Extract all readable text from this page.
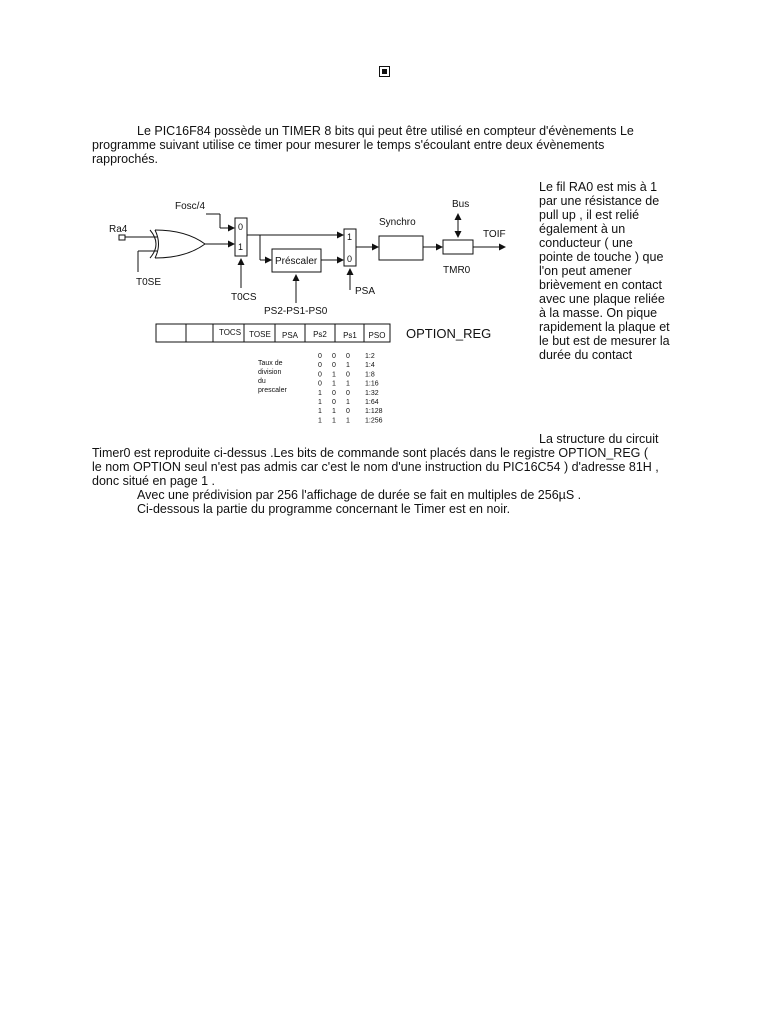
Le PIC16F84 possède un TIMER 8 bits qui peut être utilisé en compteur d'évènements Le
programme suivant utilise ce timer pour mesurer le temps s'écoulant entre deux évènements
rapprochés.
Le fil RA0 est mis à 1
par une résistance de
pull up , il est relié
également à un
conducteur ( une
pointe de touche ) que
l'on peut amener
brièvement en contact
avec une plaque reliée
à la masse. On pique
rapidement la plaque et
le but est de mesurer la
durée du contact
Fosc/4
Ra4
T0SE
T0CS
0
1
1
0
Préscaler
PSA
PS2-PS1-PS0
Synchro
Bus
TOIF
TMR0
TOCS TOSE PSA Ps2 Ps1 PSO OPTION_REG
Taux de
division
du
prescaler
0 0 0 1:2
0 0 1 1:4
0 1 0 1:8
0 1 1 1:16
1 0 0 1:32
1 0 1 1:64
1 1 0 1:128
1 1 1 1:256
La structure du circuit
Timer0 est reproduite ci-dessus .Les bits de commande sont placés dans le registre OPTION_REG (
le nom OPTION seul n'est pas admis car c'est le nom d'une instruction du PIC16C54 ) d'adresse 81H ,
donc situé en page 1 .
Avec une prédivision par 256 l'affichage de durée se fait en multiples de 256µS .
Ci-dessous la partie du programme concernant le Timer est en noir.
